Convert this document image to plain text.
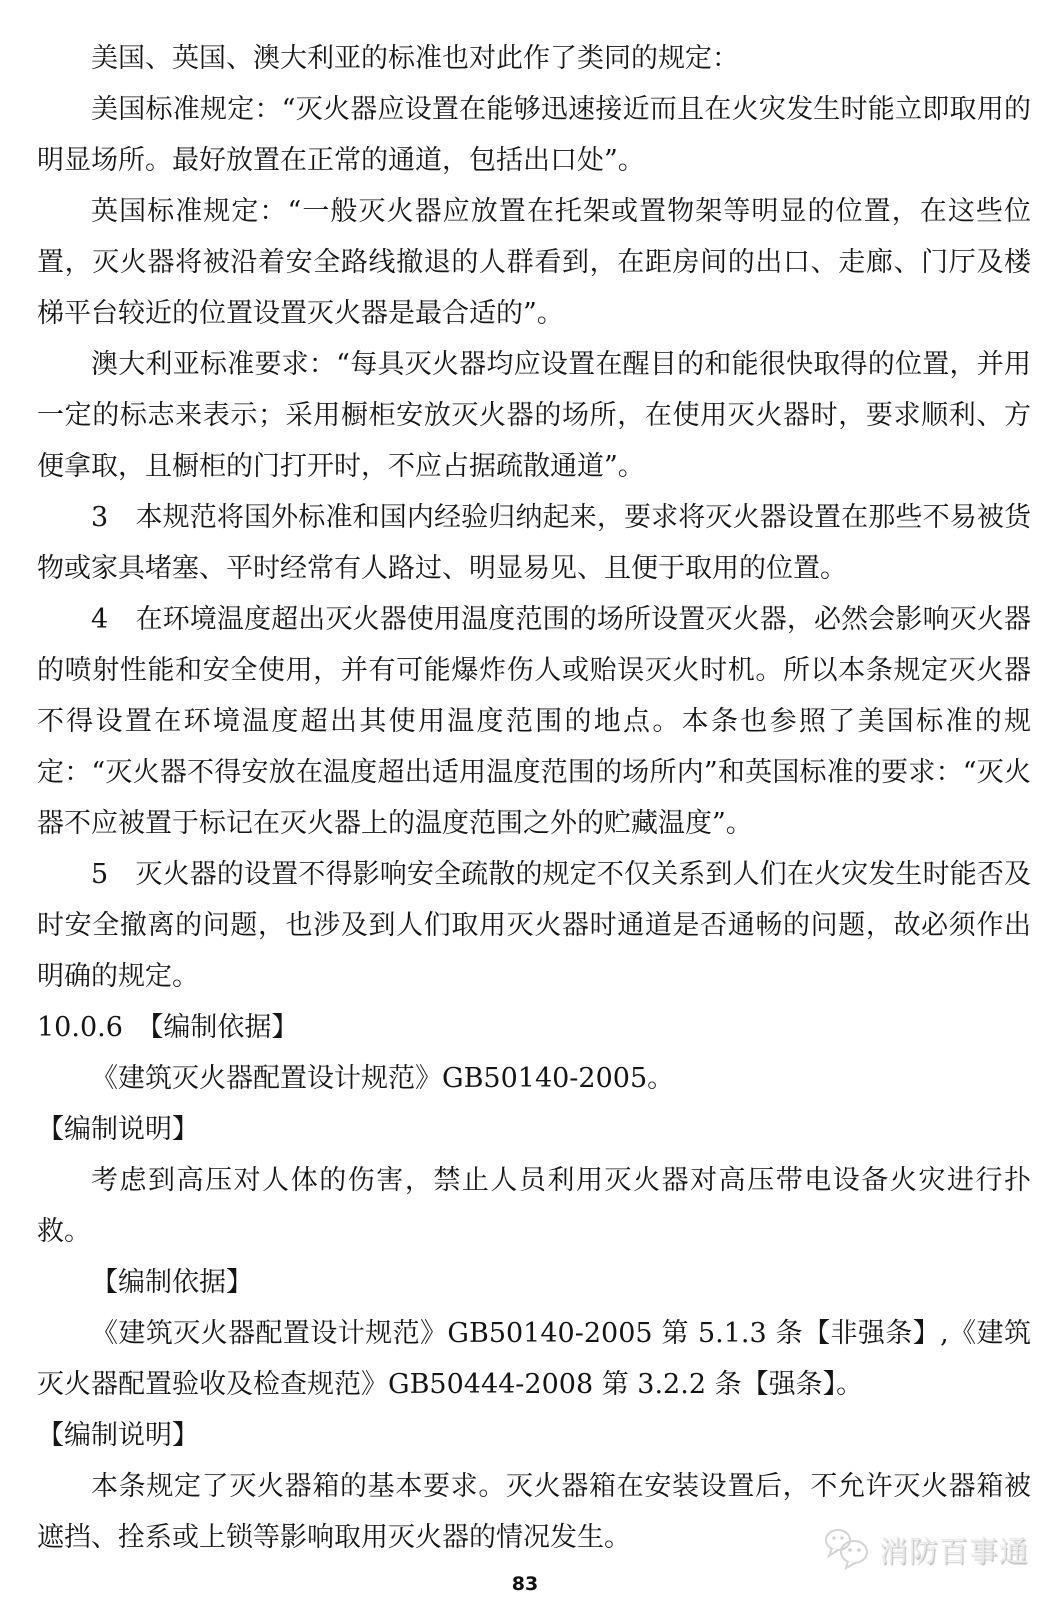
美国、英国、澳大利亚的标准也对此作了类同的规定：

美国标准规定：“灭火器应设置在能够迅速接近而且在火灾发生时能立即取用的明显场所。最好放置在正常的通道，包括出口处”。

英国标准规定：“一般灭火器应放置在托架或置物架等明显的位置，在这些位置，灭火器将被沿着安全路线撤退的人群看到，在距房间的出口、走廊、门厅及楼梯平台较近的位置设置灭火器是最合适的”。

澳大利亚标准要求：“每具灭火器均应设置在醒目的和能很快取得的位置，并用一定的标志来表示；采用橱柜安放灭火器的场所，在使用灭火器时，要求顺利、方便拿取，且橱柜的门打开时，不应占据疏散通道”。

3　本规范将国外标准和国内经验归纳起来，要求将灭火器设置在那些不易被货物或家具堵塞、平时经常有人路过、明显易见、且便于取用的位置。

4　在环境温度超出灭火器使用温度范围的场所设置灭火器，必然会影响灭火器的喷射性能和安全使用，并有可能爆炸伤人或贻误灭火时机。所以本条规定灭火器不得设置在环境温度超出其使用温度范围的地点。本条也参照了美国标准的规定：“灭火器不得安放在温度超出适用温度范围的场所内”和英国标准的要求：“灭火器不应被置于标记在灭火器上的温度范围之外的贮藏温度”。

5　灭火器的设置不得影响安全疏散的规定不仅关系到人们在火灾发生时能否及时安全撤离的问题，也涉及到人们取用灭火器时通道是否通畅的问题，故必须作出明确的规定。

10.0.6　【编制依据】

《建筑灭火器配置设计规范》GB50140-2005。

【编制说明】

考虑到高压对人体的伤害，禁止人员利用灭火器对高压带电设备火灾进行扑救。

【编制依据】

《建筑灭火器配置设计规范》GB50140-2005 第 5.1.3 条【非强条】,《建筑灭火器配置验收及检查规范》GB50444-2008 第 3.2.2 条【强条】。

【编制说明】

本条规定了灭火器箱的基本要求。灭火器箱在安装设置后，不允许灭火器箱被遮挡、拴系或上锁等影响取用灭火器的情况发生。	消防百事通
83
